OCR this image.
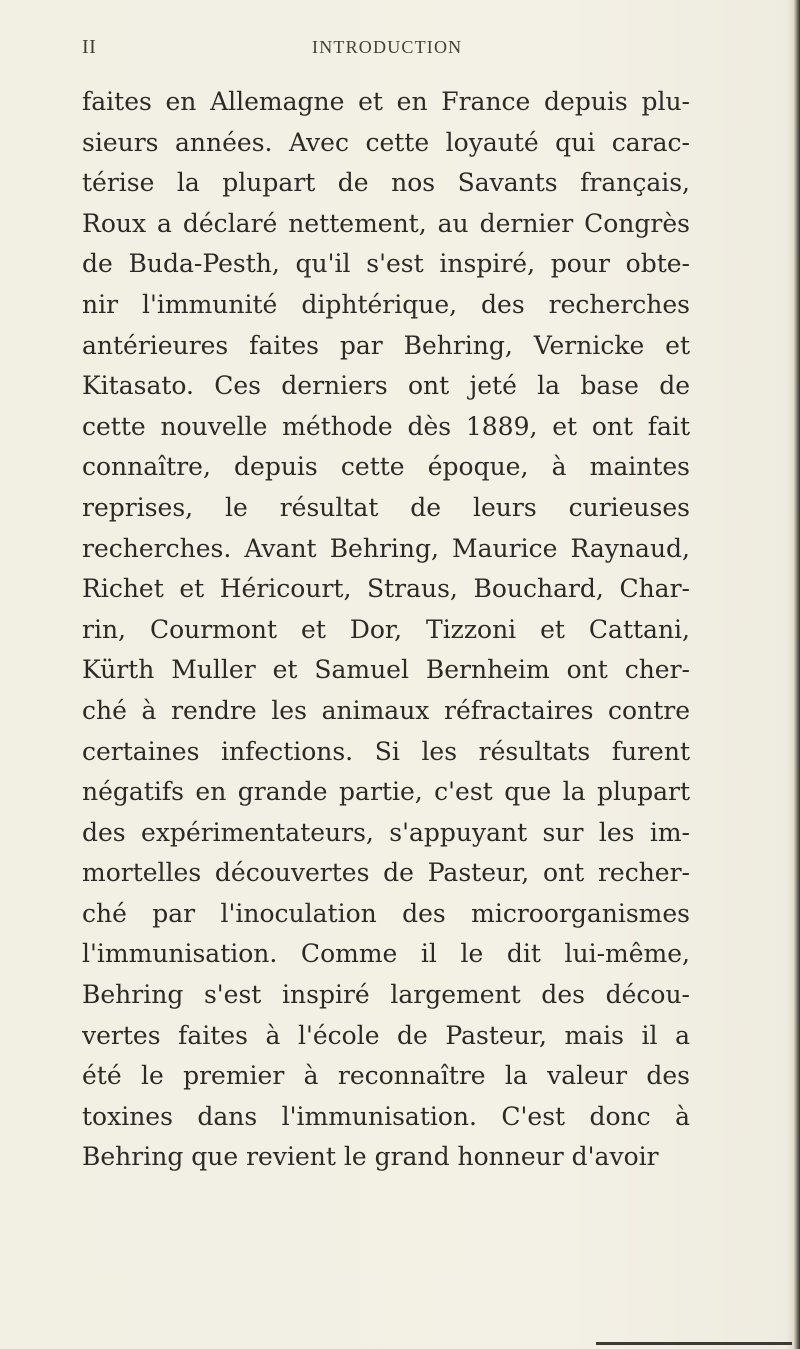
II	INTRODUCTION
faites en Allemagne et en France depuis plu-
sieurs années. Avec cette loyauté qui carac-
térise la plupart de nos Savants français,
Roux a déclaré nettement, au dernier Congrès
de Buda-Pesth, qu'il s'est inspiré, pour obte-
nir l'immunité diphtérique, des recherches
antérieures faites par Behring, Vernicke et
Kitasato. Ces derniers ont jeté la base de
cette nouvelle méthode dès 1889, et ont fait
connaître, depuis cette époque, à maintes
reprises, le résultat de leurs curieuses
recherches. Avant Behring, Maurice Raynaud,
Richet et Héricourt, Straus, Bouchard, Char-
rin, Courmont et Dor, Tizzoni et Cattani,
Kürth Muller et Samuel Bernheim ont cher-
ché à rendre les animaux réfractaires contre
certaines infections. Si les résultats furent
négatifs en grande partie, c'est que la plupart
des expérimentateurs, s'appuyant sur les im-
mortelles découvertes de Pasteur, ont recher-
ché par l'inoculation des microorganismes
l'immunisation. Comme il le dit lui-même,
Behring s'est inspiré largement des décou-
vertes faites à l'école de Pasteur, mais il a
été le premier à reconnaître la valeur des
toxines dans l'immunisation. C'est donc à
Behring que revient le grand honneur d'avoir
